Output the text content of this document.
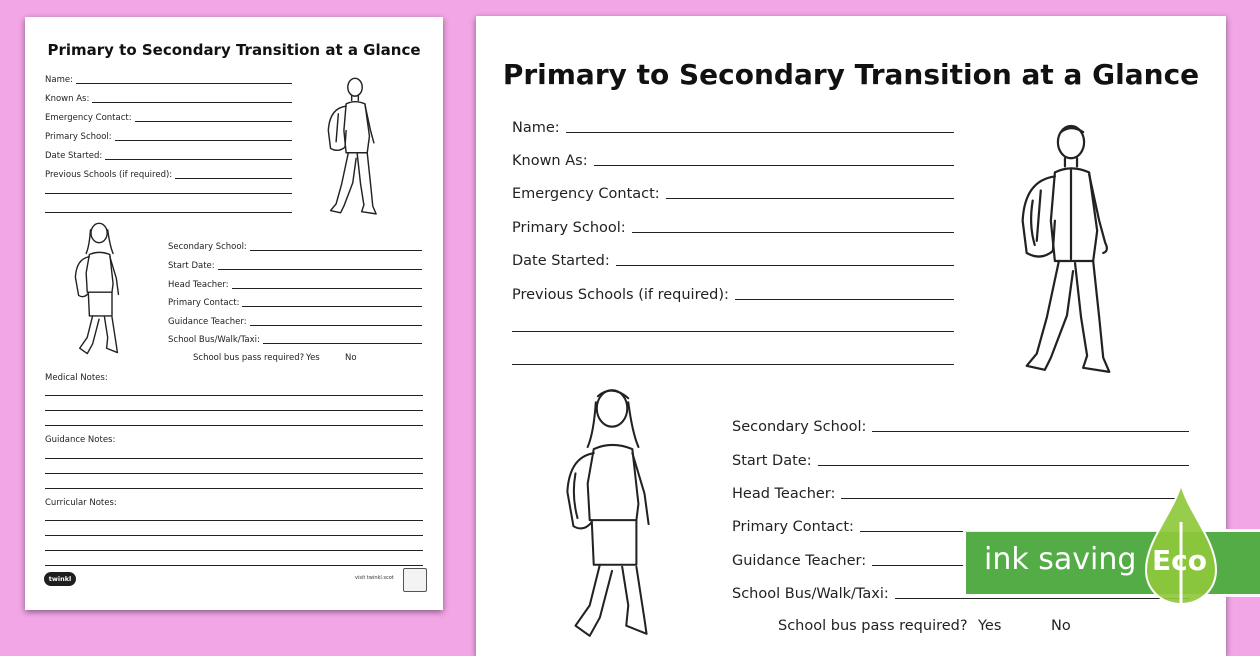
Primary to Secondary Transition at a Glance
Name:
Known As:
Emergency Contact:
Primary School:
Date Started:
Previous Schools (if required):
Secondary School:
Start Date:
Head Teacher:
Primary Contact:
Guidance Teacher:
School Bus/Walk/Taxi:
School bus pass required? Yes	No
Medical Notes:
Guidance Notes:
Curricular Notes:
twinkl	visit twinkl.scot
Primary to Secondary Transition at a Glance
Name:
Known As:
Emergency Contact:
Primary School:
Date Started:
Previous Schools (if required):
Secondary School:
Start Date:
Head Teacher:
Primary Contact:
Guidance Teacher:
School Bus/Walk/Taxi:
School bus pass required? Yes	No
ink saving Eco
